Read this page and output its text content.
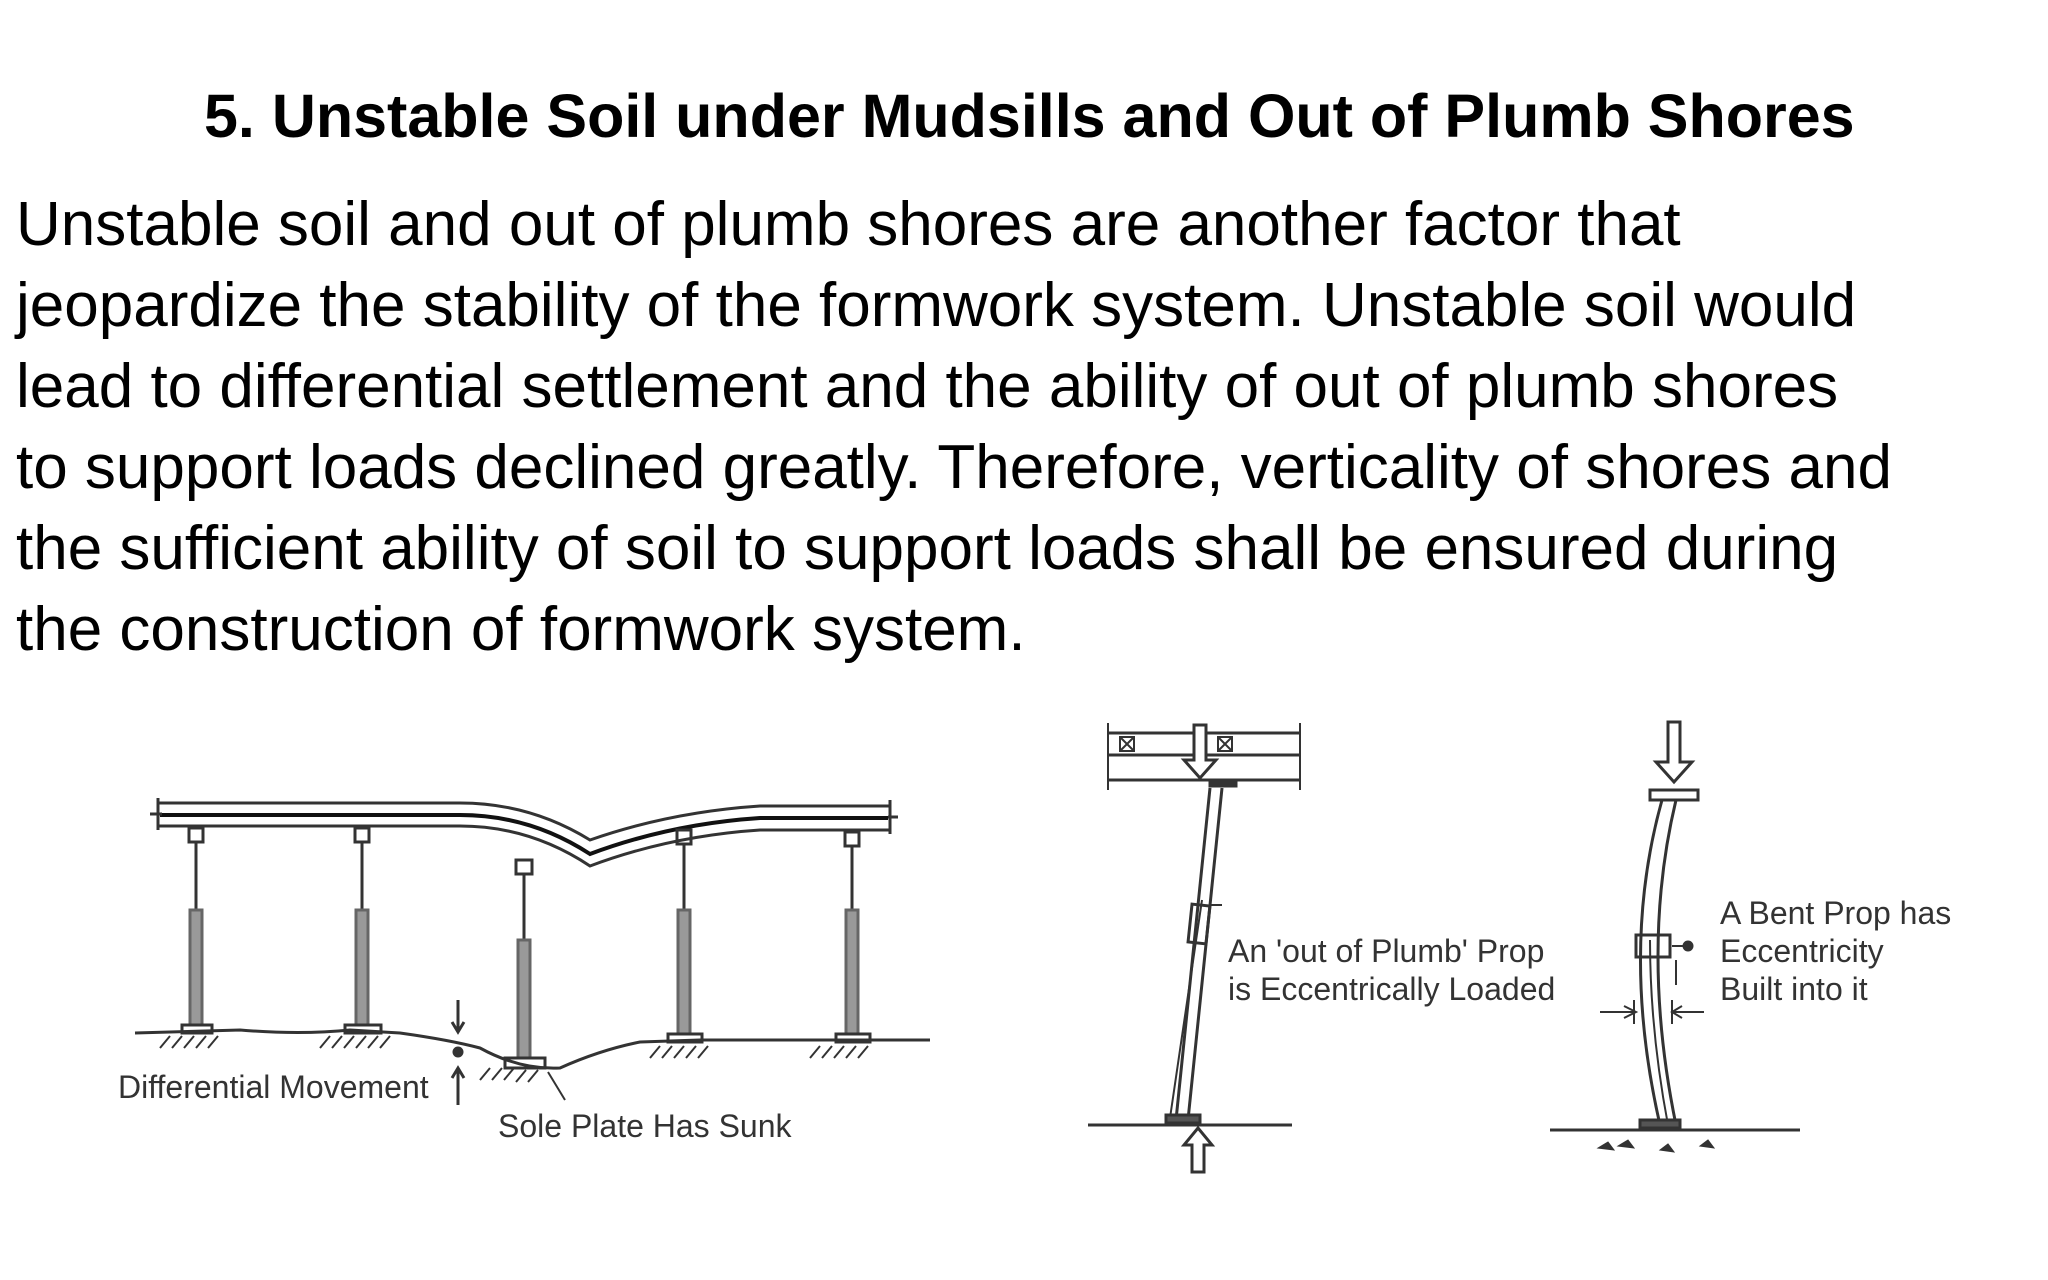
5. Unstable Soil under Mudsills and Out of Plumb Shores

Unstable soil and out of plumb shores are another factor that
jeopardize the stability of the formwork system. Unstable soil would
lead to differential settlement and the ability of out of plumb shores
to support loads declined greatly. Therefore, verticality of shores and
the sufficient ability of soil to support loads shall be ensured during
the construction of formwork system.

Differential Movement
Sole Plate Has Sunk
An 'out of Plumb' Prop
is Eccentrically Loaded
A Bent Prop has
Eccentricity
Built into it
